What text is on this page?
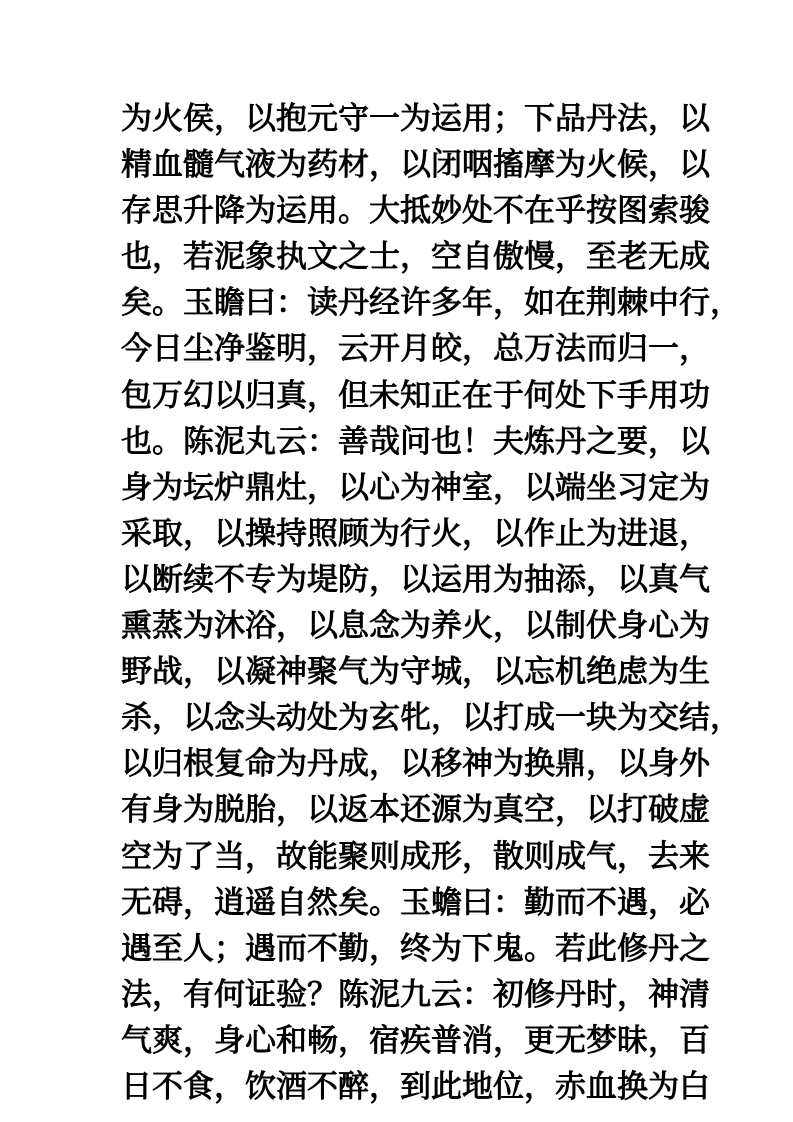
为火侯，以抱元守一为运用；下品丹法，以
精血髓气液为药材，以闭咽搐摩为火候，以
存思升降为运用。大抵妙处不在乎按图索骏
也，若泥象执文之士，空自傲慢，至老无成
矣。玉瞻曰：读丹经许多年，如在荆棘中行，
今日尘净鉴明，云开月皎，总万法而归一，
包万幻以归真，但未知正在于何处下手用功
也。陈泥丸云：善哉问也！夫炼丹之要，以
身为坛炉鼎灶，以心为神室，以端坐习定为
采取，以操持照顾为行火，以作止为进退，
以断续不专为堤防，以运用为抽添，以真气
熏蒸为沐浴，以息念为养火，以制伏身心为
野战，以凝神聚气为守城，以忘机绝虑为生
杀，以念头动处为玄牝，以打成一块为交结，
以归根复命为丹成，以移神为换鼎，以身外
有身为脱胎，以返本还源为真空，以打破虚
空为了当，故能聚则成形，散则成气，去来
无碍，逍遥自然矣。玉蟾曰：勤而不遇，必
遇至人；遇而不勤，终为下鬼。若此修丹之
法，有何证验？陈泥九云：初修丹时，神清
气爽，身心和畅，宿疾普消，更无梦昧，百
日不食，饮酒不醉，到此地位，赤血换为白
